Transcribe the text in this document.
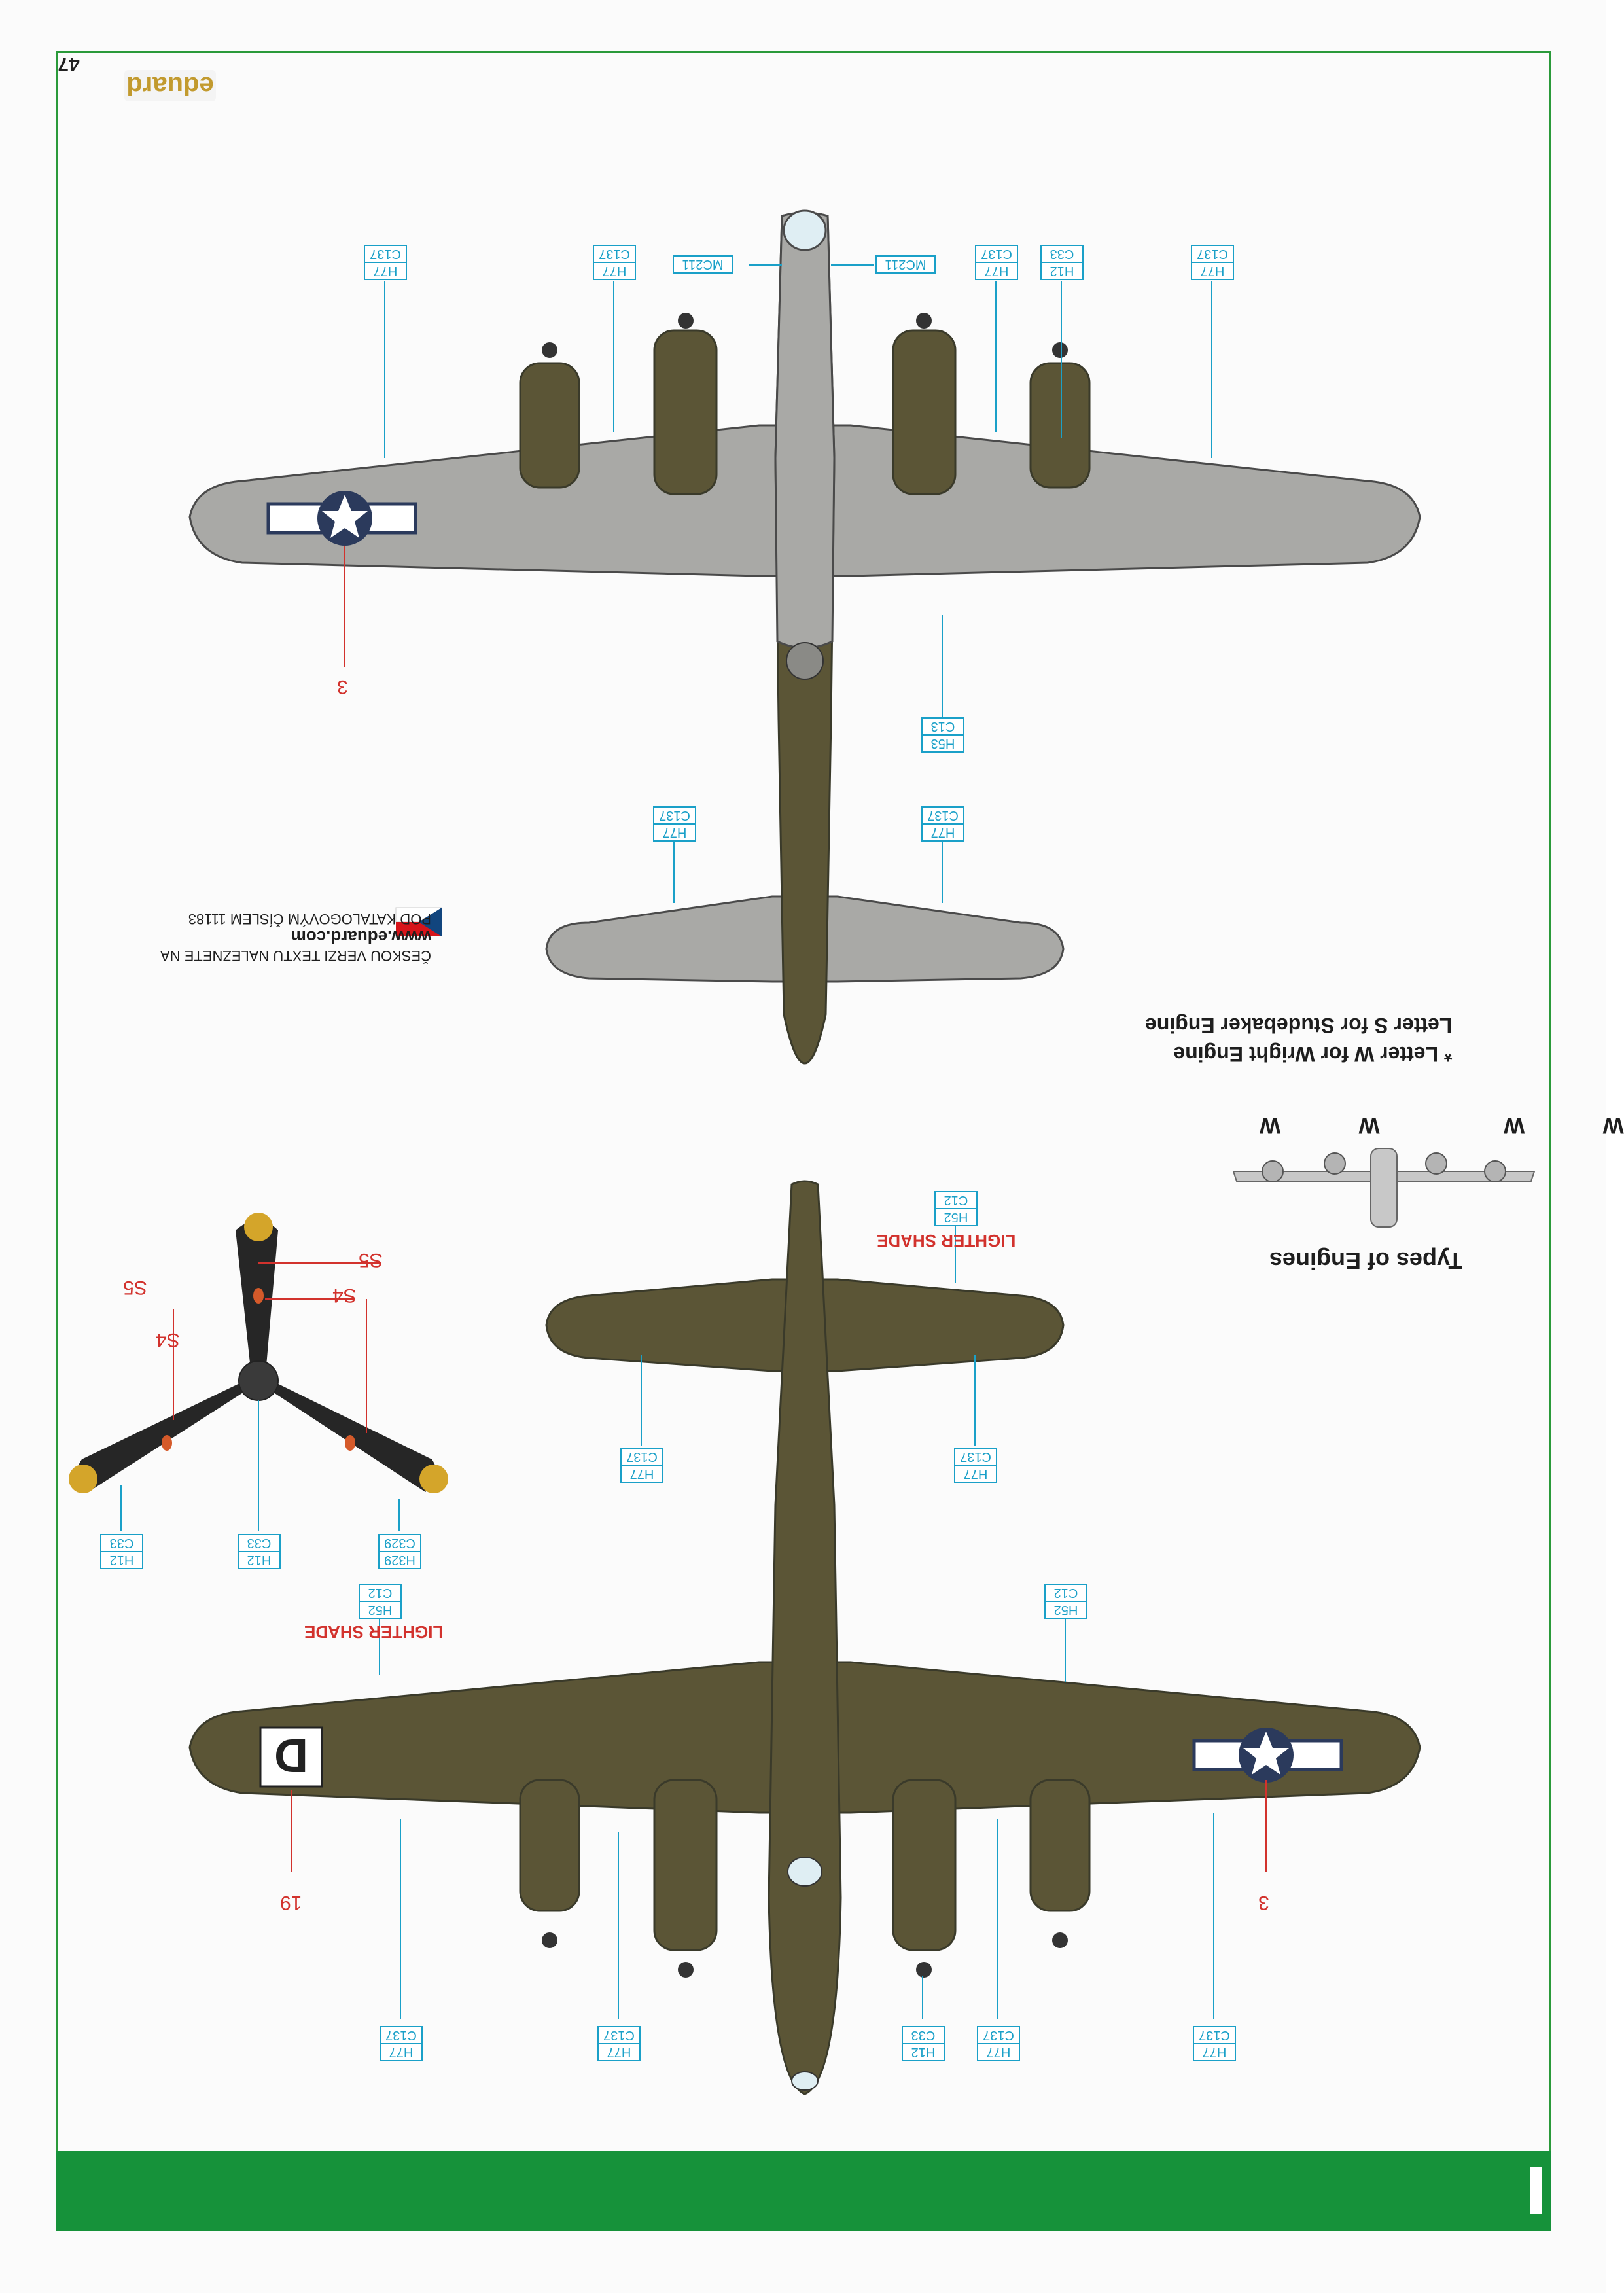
47
eduard
D
H77
C137
H77
C137
MC211	MC211	H77
C137
H12
C33
H77
C137
H53
C13
H77
C137
H77
C137
H52
C12
H77
C137
H77
C137
H52
C12
H52
C12
H77
C137
H77
C137
H12
C33
H77
C137
H77
C137
H12
C33
H12
C33
H329
C329
S5
S5	S4
S4
LIGHTER SHADE
LIGHTER SHADE
3
3
19
ČESKOU VERZI TEXTU NALEZNETE NA
www.eduard.com
POD KATALOGOVÝM ČÍSLEM 11183
* Letter W for Wright Engine
Letter S for Studebaker Engine
W W W W
Types of Engines
